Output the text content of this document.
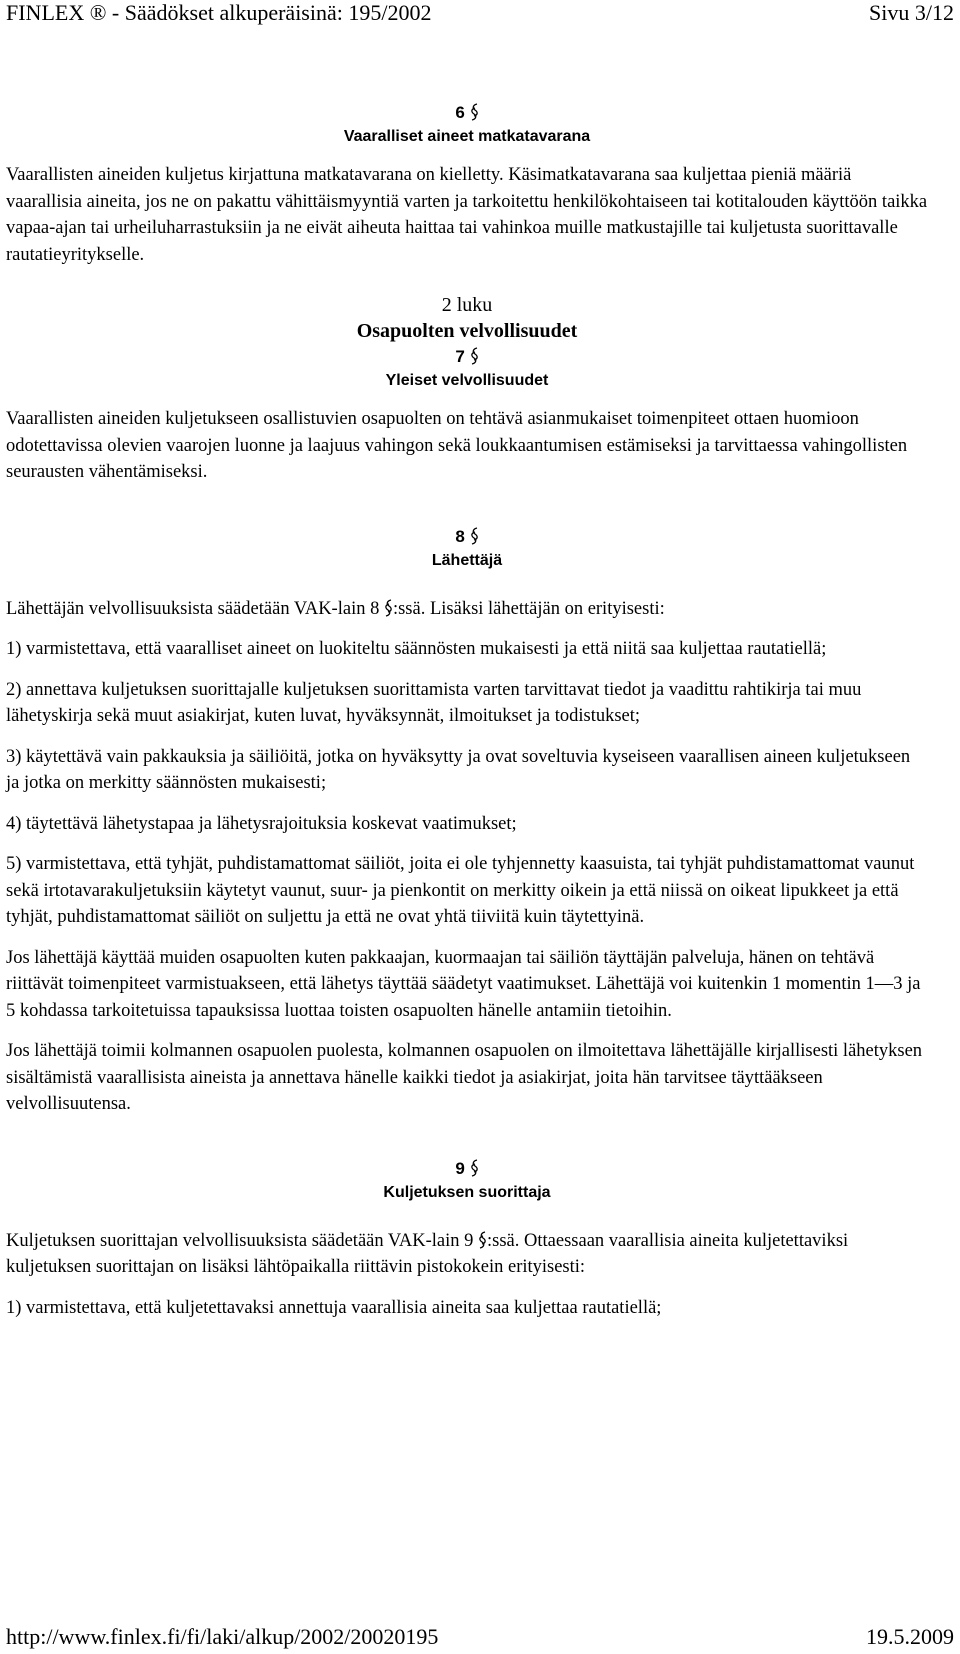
FINLEX ® - Säädökset alkuperäisinä: 195/2002	Sivu 3/12
6
Vaaralliset aineet matkatavarana

Vaarallisten aineiden kuljetus kirjattuna matkatavarana on kielletty. Käsimatkatavarana saa kuljettaa pieniä määriä vaarallisia aineita, jos ne on pakattu vähittäismyyntiä varten ja tarkoitettu henkilökohtaiseen tai kotitalouden käyttöön taikka vapaa-ajan tai urheiluharrastuksiin ja ne eivät aiheuta haittaa tai vahinkoa muille matkustajille tai kuljetusta suorittavalle rautatieyritykselle.

2 luku
Osapuolten velvollisuudet
7
Yleiset velvollisuudet

Vaarallisten aineiden kuljetukseen osallistuvien osapuolten on tehtävä asianmukaiset toimenpiteet ottaen huomioon odotettavissa olevien vaarojen luonne ja laajuus vahingon sekä loukkaantumisen estämiseksi ja tarvittaessa vahingollisten seurausten vähentämiseksi.

8
Lähettäjä

Lähettäjän velvollisuuksista säädetään VAK-lain 8 :ssä. Lisäksi lähettäjän on erityisesti:

1) varmistettava, että vaaralliset aineet on luokiteltu säännösten mukaisesti ja että niitä saa kuljettaa rautatiellä;

2) annettava kuljetuksen suorittajalle kuljetuksen suorittamista varten tarvittavat tiedot ja vaadittu rahtikirja tai muu lähetyskirja sekä muut asiakirjat, kuten luvat, hyväksynnät, ilmoitukset ja todistukset;

3) käytettävä vain pakkauksia ja säiliöitä, jotka on hyväksytty ja ovat soveltuvia kyseiseen vaarallisen aineen kuljetukseen ja jotka on merkitty säännösten mukaisesti;

4) täytettävä lähetystapaa ja lähetysrajoituksia koskevat vaatimukset;

5) varmistettava, että tyhjät, puhdistamattomat säiliöt, joita ei ole tyhjennetty kaasuista, tai tyhjät puhdistamattomat vaunut sekä irtotavarakuljetuksiin käytetyt vaunut, suur- ja pienkontit on merkitty oikein ja että niissä on oikeat lipukkeet ja että tyhjät, puhdistamattomat säiliöt on suljettu ja että ne ovat yhtä tiiviitä kuin täytettyinä.

Jos lähettäjä käyttää muiden osapuolten kuten pakkaajan, kuormaajan tai säiliön täyttäjän palveluja, hänen on tehtävä riittävät toimenpiteet varmistuakseen, että lähetys täyttää säädetyt vaatimukset. Lähettäjä voi kuitenkin 1 momentin 1—3 ja 5 kohdassa tarkoitetuissa tapauksissa luottaa toisten osapuolten hänelle antamiin tietoihin.

Jos lähettäjä toimii kolmannen osapuolen puolesta, kolmannen osapuolen on ilmoitettava lähettäjälle kirjallisesti lähetyksen sisältämistä vaarallisista aineista ja annettava hänelle kaikki tiedot ja asiakirjat, joita hän tarvitsee täyttääkseen velvollisuutensa.

9
Kuljetuksen suorittaja

Kuljetuksen suorittajan velvollisuuksista säädetään VAK-lain 9 :ssä. Ottaessaan vaarallisia aineita kuljetettaviksi kuljetuksen suorittajan on lisäksi lähtöpaikalla riittävin pistokokein erityisesti:

1) varmistettava, että kuljetettavaksi annettuja vaarallisia aineita saa kuljettaa rautatiellä;

http://www.finlex.fi/fi/laki/alkup/2002/20020195	19.5.2009
